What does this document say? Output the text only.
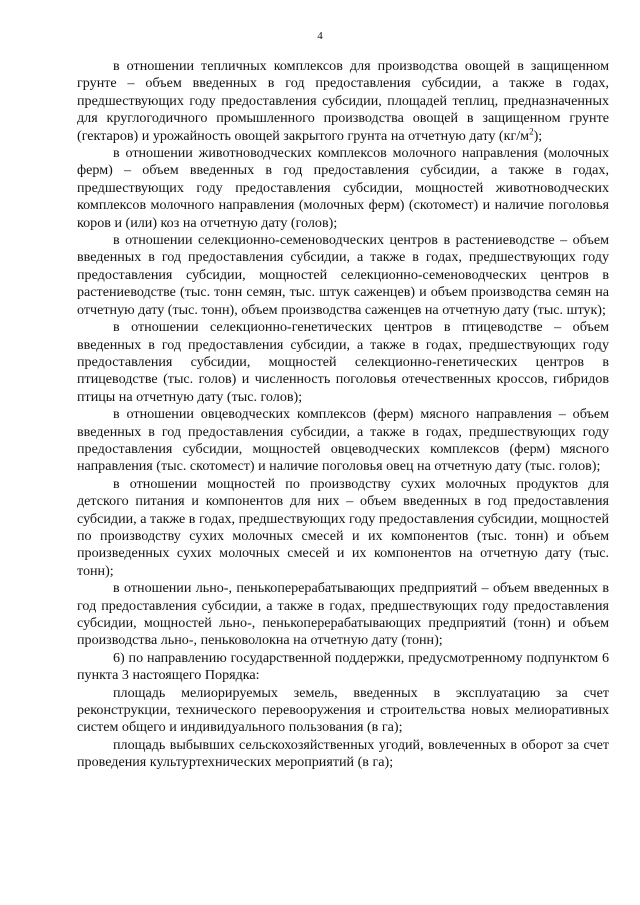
4

в отношении тепличных комплексов для производства овощей в защищенном грунте – объем введенных в год предоставления субсидии, а также в годах, предшествующих году предоставления субсидии, площадей теплиц, предназначенных для круглогодичного промышленного производства овощей в защищенном грунте (гектаров) и урожайность овощей закрытого грунта на отчетную дату $(кг/м^2)$;

в отношении животноводческих комплексов молочного направления (молочных ферм) – объем введенных в год предоставления субсидии, а также в годах, предшествующих году предоставления субсидии, мощностей животноводческих комплексов молочного направления (молочных ферм) (скотомест) и наличие поголовья коров и (или) коз на отчетную дату (голов);

в отношении селекционно-семеноводческих центров в растениеводстве – объем введенных в год предоставления субсидии, а также в годах, предшествующих году предоставления субсидии, мощностей селекционно-семеноводческих центров в растениеводстве (тыс. тонн семян, тыс. штук саженцев) и объем производства семян на отчетную дату (тыс. тонн), объем производства саженцев на отчетную дату (тыс. штук);

в отношении селекционно-генетических центров в птицеводстве – объем введенных в год предоставления субсидии, а также в годах, предшествующих году предоставления субсидии, мощностей селекционно-генетических центров в птицеводстве (тыс. голов) и численность поголовья отечественных кроссов, гибридов птицы на отчетную дату (тыс. голов);

в отношении овцеводческих комплексов (ферм) мясного направления – объем введенных в год предоставления субсидии, а также в годах, предшествующих году предоставления субсидии, мощностей овцеводческих комплексов (ферм) мясного направления (тыс. скотомест) и наличие поголовья овец на отчетную дату (тыс. голов);

в отношении мощностей по производству сухих молочных продуктов для детского питания и компонентов для них – объем введенных в год предоставления субсидии, а также в годах, предшествующих году предоставления субсидии, мощностей по производству сухих молочных смесей и их компонентов (тыс. тонн) и объем произведенных сухих молочных смесей и их компонентов на отчетную дату (тыс. тонн);

в отношении льно-, пенькоперерабатывающих предприятий – объем введенных в год предоставления субсидии, а также в годах, предшествующих году предоставления субсидии, мощностей льно-, пенькоперерабатывающих предприятий (тонн) и объем производства льно-, пеньковолокна на отчетную дату (тонн);

6) по направлению государственной поддержки, предусмотренному подпунктом 6 пункта 3 настоящего Порядка:

площадь мелиорируемых земель, введенных в эксплуатацию за счет реконструкции, технического перевооружения и строительства новых мелиоративных систем общего и индивидуального пользования (в га);

площадь выбывших сельскохозяйственных угодий, вовлеченных в оборот за счет проведения культуртехнических мероприятий (в га);
